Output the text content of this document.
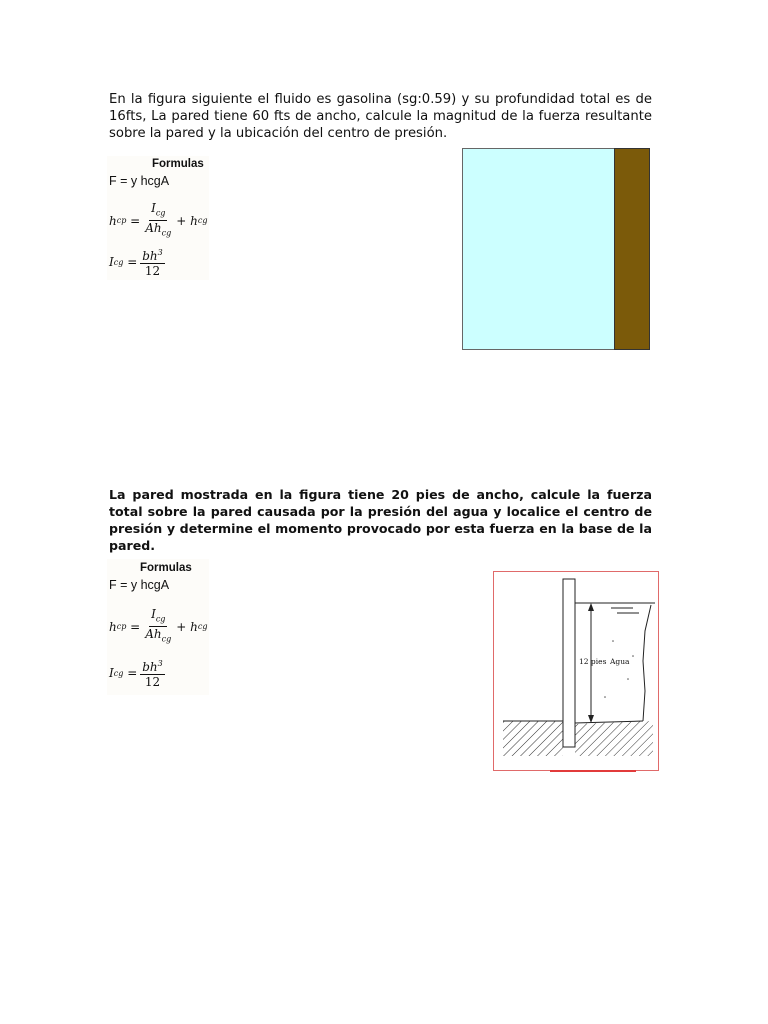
En la figura siguiente el fluido es gasolina (sg:0.59) y su profundidad total es de 16fts, La pared tiene 60 fts de ancho, calcule la magnitud de la fuerza resultante sobre la pared y la ubicación del centro de presión.

Formulas
F = y hcgA
h cp
= $\frac{I_{cg}}{Ah_{cg}} + h$ cg
I cg
= $\frac{bh^3}{12}$

La pared mostrada en la figura tiene 20 pies de ancho, calcule la fuerza total sobre la pared causada por la presión del agua y localice el centro de presión y determine el momento provocado por esta fuerza en la base de la pared.

Formulas
F = y hcgA
h cp
= $\frac{I_{cg}}{Ah_{cg}} + h$ cg
I cg
= $\frac{bh^3}{12}$	12 pies Agua
